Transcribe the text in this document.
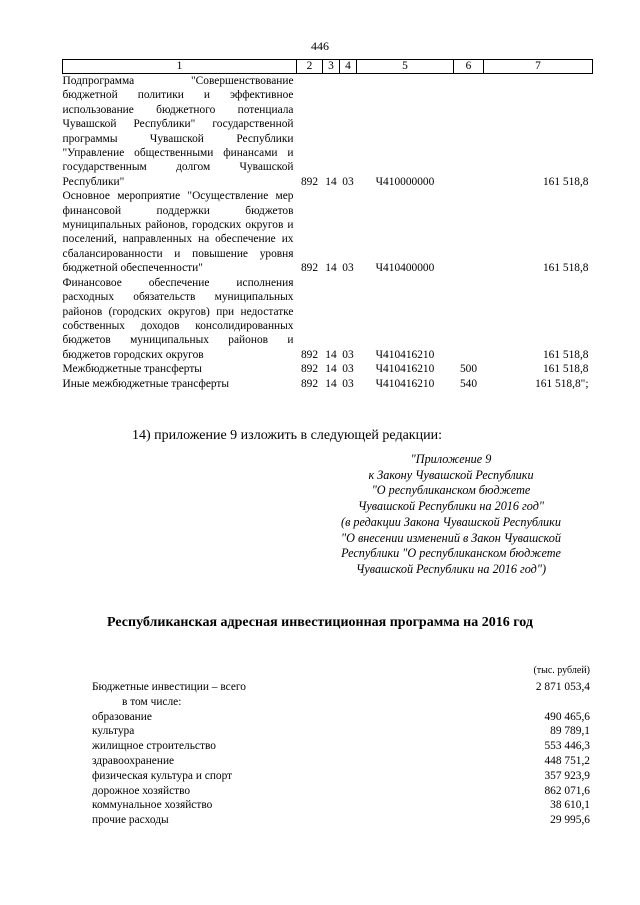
446
1	2	3	4	5	6	7
Подпрограмма "Совершенствование бюджетной политики и эффективное использование бюджетного потенциала Чувашской Республики" государственной программы Чувашской Республики "Управление общественными финансами и государственным долгом Чувашской Республики"	892	14	03	Ч410000000		161 518,8
Основное мероприятие "Осуществление мер финансовой поддержки бюджетов муниципальных районов, городских округов и поселений, направленных на обеспечение их сбалансированности и повышение уровня бюджетной обеспеченности"	892	14	03	Ч410400000		161 518,8
Финансовое обеспечение исполнения расходных обязательств муниципальных районов (городских округов) при недостатке собственных доходов консолидированных бюджетов муниципальных районов и бюджетов городских округов	892	14	03	Ч410416210		161 518,8
Межбюджетные трансферты	892	14	03	Ч410416210	500	161 518,8
Иные межбюджетные трансферты	892	14	03	Ч410416210	540	161 518,8";
14) приложение 9 изложить в следующей редакции:
"Приложение 9
к Закону Чувашской Республики
"О республиканском бюджете
Чувашской Республики на 2016 год"
(в редакции Закона Чувашской Республики
"О внесении изменений в Закон Чувашской
Республики "О республиканском бюджете
Чувашской Республики на 2016 год")
Республиканская адресная инвестиционная программа на 2016 год
(тыс. рублей)
Бюджетные инвестиции – всего	2 871 053,4
в том числе:
образование	490 465,6
культура	89 789,1
жилищное строительство	553 446,3
здравоохранение	448 751,2
физическая культура и спорт	357 923,9
дорожное хозяйство	862 071,6
коммунальное хозяйство	38 610,1
прочие расходы	29 995,6
